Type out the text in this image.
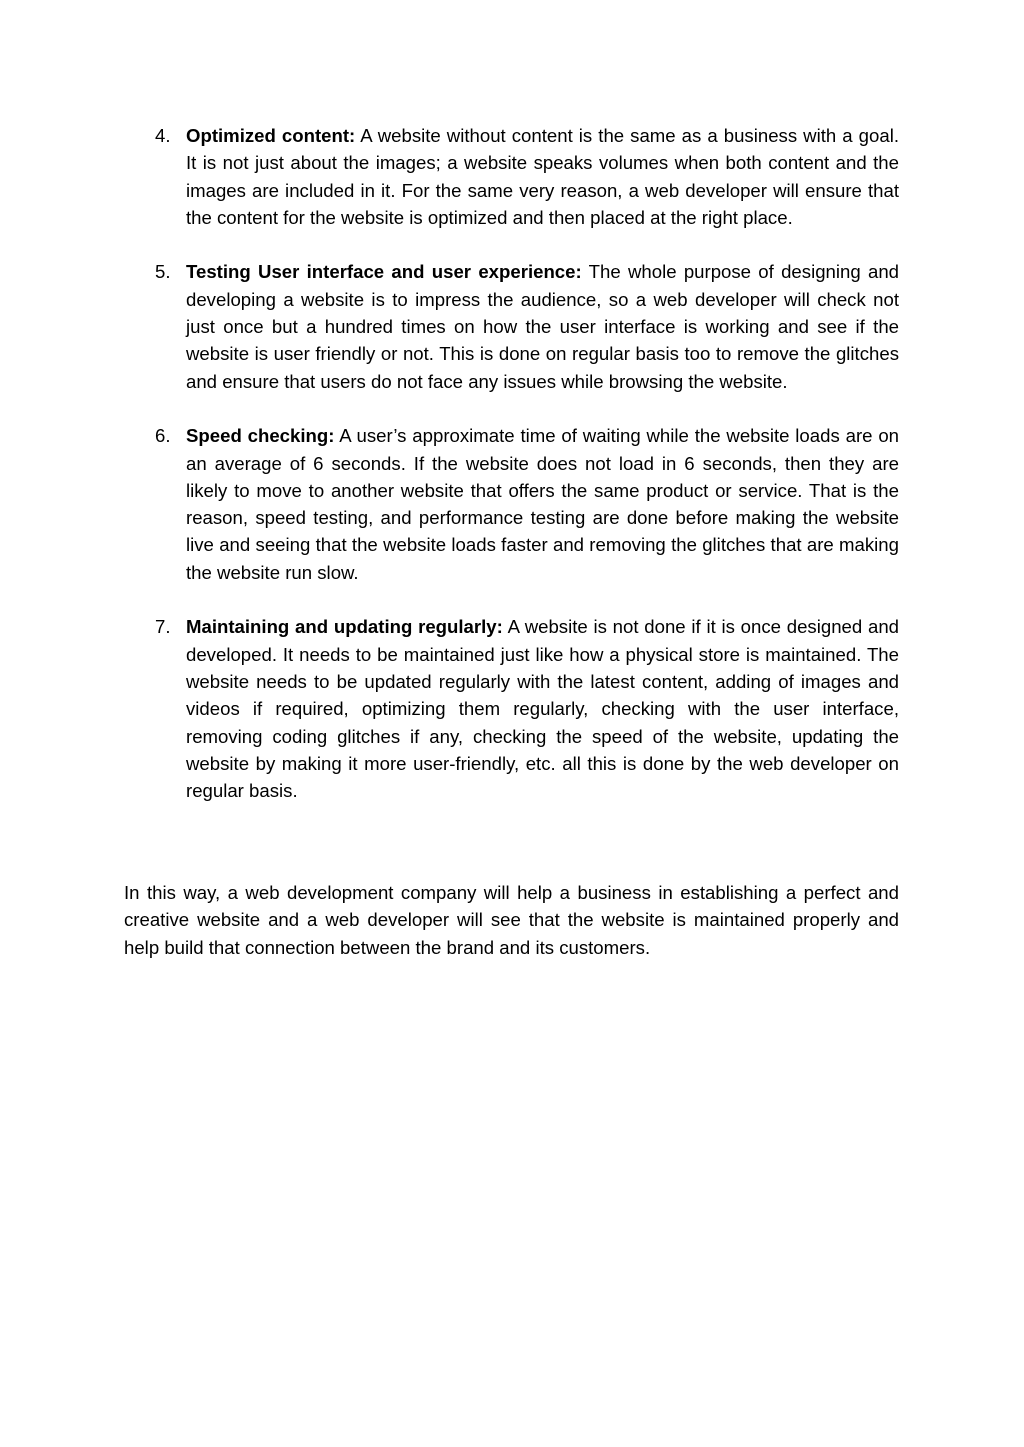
4. Optimized content: A website without content is the same as a business with a goal. It is not just about the images; a website speaks volumes when both content and the images are included in it. For the same very reason, a web developer will ensure that the content for the website is optimized and then placed at the right place.
5. Testing User interface and user experience: The whole purpose of designing and developing a website is to impress the audience, so a web developer will check not just once but a hundred times on how the user interface is working and see if the website is user friendly or not. This is done on regular basis too to remove the glitches and ensure that users do not face any issues while browsing the website.
6. Speed checking: A user’s approximate time of waiting while the website loads are on an average of 6 seconds. If the website does not load in 6 seconds, then they are likely to move to another website that offers the same product or service. That is the reason, speed testing, and performance testing are done before making the website live and seeing that the website loads faster and removing the glitches that are making the website run slow.
7. Maintaining and updating regularly: A website is not done if it is once designed and developed. It needs to be maintained just like how a physical store is maintained. The website needs to be updated regularly with the latest content, adding of images and videos if required, optimizing them regularly, checking with the user interface, removing coding glitches if any, checking the speed of the website, updating the website by making it more user-friendly, etc. all this is done by the web developer on regular basis.

In this way, a web development company will help a business in establishing a perfect and creative website and a web developer will see that the website is maintained properly and help build that connection between the brand and its customers.
